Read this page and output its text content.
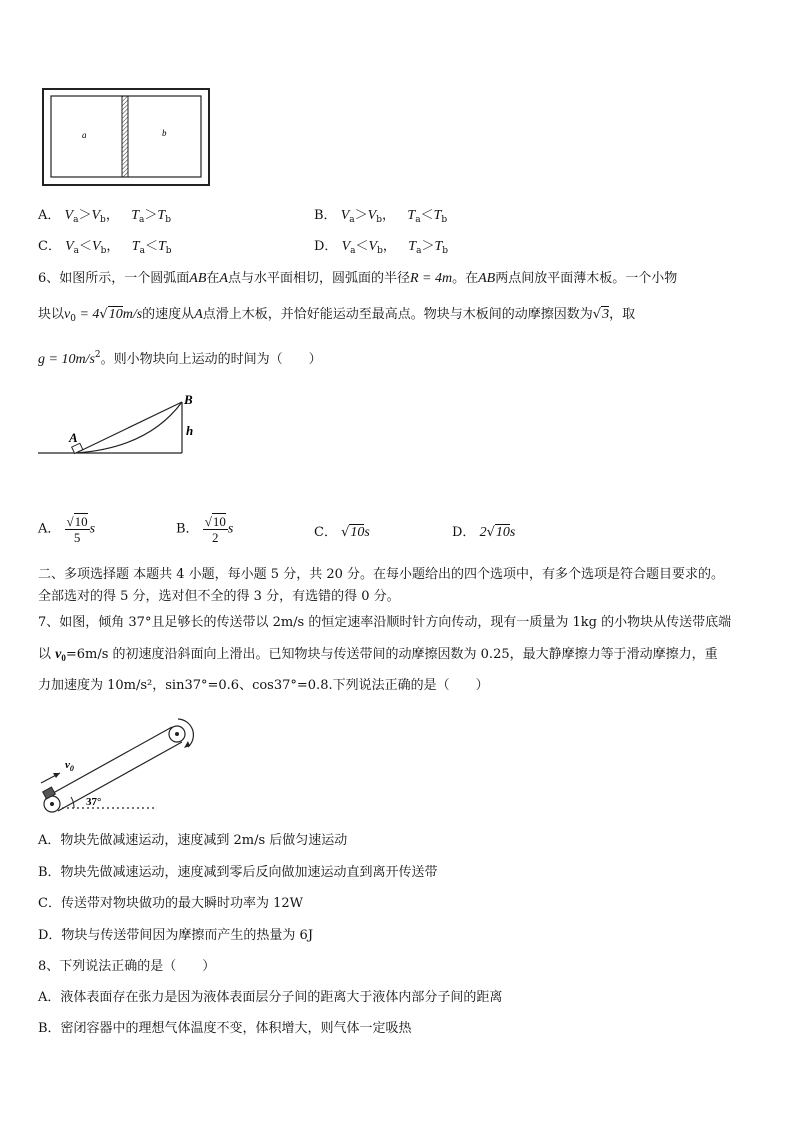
a	b
A． $V_a>V_b$， $T_a>T_b$	B． $V_a>V_b$， $T_a<T_b$
C． $V_a<V_b$， $T_a<T_b$	D． $V_a<V_b$， $T_a>T_b$
6、如图所示，一个圆弧面AB在A点与水平面相切，圆弧面的半径R = 4m。在AB两点间放平面薄木板。一个小物
块以$v_0 = 4√10m/s$的速度从A点滑上木板，并恰好能运动至最高点。物块与木板间的动摩擦因数为√3，取
$g = 10m/s^2$。则小物块向上运动的时间为（　　）
A
B
h
A． $\frac{√10}{5}$ s	B． $\frac{√10}{2}$ s	C． √10s	D． 2√10s
二、多项选择题 本题共 4 小题，每小题 5 分，共 20 分。在每小题给出的四个选项中，有多个选项是符合题目要求的。
全部选对的得 5 分，选对但不全的得 3 分，有选错的得 0 分。
7、如图，倾角 37°且足够长的传送带以 2m/s 的恒定速率沿顺时针方向传动，现有一质量为 1kg 的小物块从传送带底端
以 $v_0=6m/s$ 的初速度沿斜面向上滑出。已知物块与传送带间的动摩擦因数为 0.25，最大静摩擦力等于滑动摩擦力，重
力加速度为 10m/s²，sin37°=0.6、cos37°=0.8.下列说法正确的是（　　）
$v_0$
37°
A．物块先做减速运动，速度减到 2m/s 后做匀速运动
B．物块先做减速运动，速度减到零后反向做加速运动直到离开传送带
C．传送带对物块做功的最大瞬时功率为 12W
D．物块与传送带间因为摩擦而产生的热量为 6J
8、下列说法正确的是（　　）
A．液体表面存在张力是因为液体表面层分子间的距离大于液体内部分子间的距离
B．密闭容器中的理想气体温度不变，体积增大，则气体一定吸热
